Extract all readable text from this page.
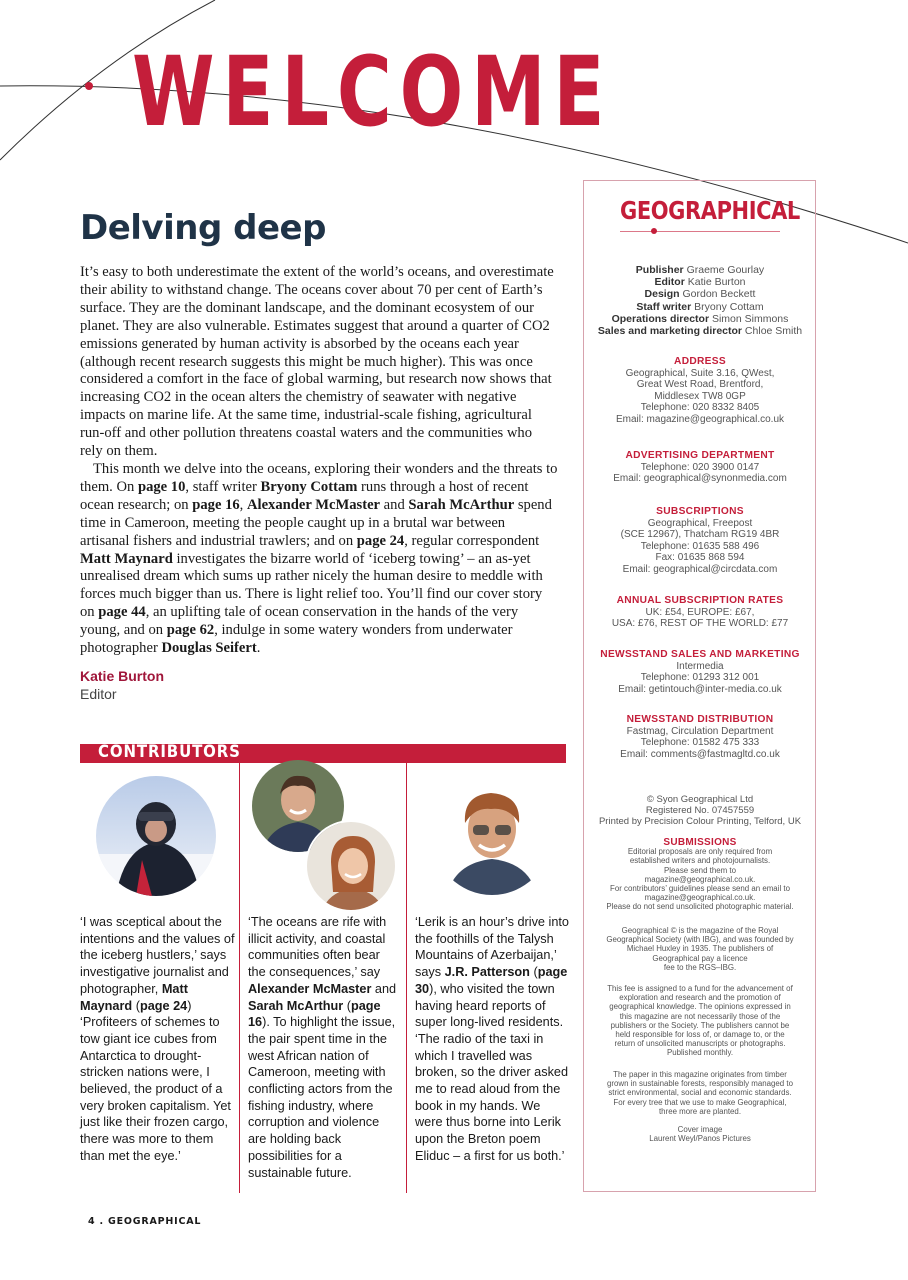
WELCOME
Delving deep

It’s easy to both underestimate the extent of the world’s oceans, and overestimate their ability to withstand change. The oceans cover about 70 per cent of Earth’s surface. They are the dominant landscape, and the dominant ecosystem of our planet. They are also vulnerable. Estimates suggest that around a quarter of CO2 emissions generated by human activity is absorbed by the oceans each year (although recent research suggests this might be much higher). This was once considered a comfort in the face of global warming, but research now shows that increasing CO2 in the ocean alters the chemistry of seawater with negative impacts on marine life. At the same time, industrial-scale fishing, agricultural run-off and other pollution threatens coastal waters and the communities who rely on them.

This month we delve into the oceans, exploring their wonders and the threats to them. On page 10, staff writer Bryony Cottam runs through a host of recent ocean research; on page 16, Alexander McMaster and Sarah McArthur spend time in Cameroon, meeting the people caught up in a brutal war between artisanal fishers and industrial trawlers; and on page 24, regular correspondent Matt Maynard investigates the bizarre world of ‘iceberg towing’ – an as-yet unrealised dream which sums up rather nicely the human desire to meddle with forces much bigger than us. There is light relief too. You’ll find our cover story on page 44, an uplifting tale of ocean conservation in the hands of the very young, and on page 62, indulge in some watery wonders from underwater photographer Douglas Seifert.

Katie Burton
Editor
CONTRIBUTORS

‘I was sceptical about the intentions and the values of the iceberg hustlers,’ says investigative journalist and photographer, Matt Maynard (page 24) ‘Profiteers of schemes to tow giant ice cubes from Antarctica to drought-stricken nations were, I believed, the product of a very broken capitalism. Yet just like their frozen cargo, there was more to them than met the eye.’

‘The oceans are rife with illicit activity, and coastal communities often bear the consequences,’ say Alexander McMaster and Sarah McArthur (page 16). To highlight the issue, the pair spent time in the west African nation of Cameroon, meeting with conflicting actors from the fishing industry, where corruption and violence are holding back possibilities for a sustainable future.

‘Lerik is an hour’s drive into the foothills of the Talysh Mountains of Azerbaijan,’ says J.R. Patterson (page 30), who visited the town having heard reports of super long-lived residents. ‘The radio of the taxi in which I travelled was broken, so the driver asked me to read aloud from the book in my hands. We were thus borne into Lerik upon the Breton poem Eliduc – a first for us both.’

4 . GEOGRAPHICAL
GEOGRAPHICAL
Publisher Graeme Gourlay
Editor Katie Burton
Design Gordon Beckett
Staff writer Bryony Cottam
Operations director Simon Simmons
Sales and marketing director Chloe Smith
ADDRESS
Geographical, Suite 3.16, QWest,
Great West Road, Brentford,
Middlesex TW8 0GP
Telephone: 020 8332 8405
Email: magazine@geographical.co.uk
ADVERTISING DEPARTMENT
Telephone: 020 3900 0147
Email: geographical@synonmedia.com
SUBSCRIPTIONS
Geographical, Freepost
(SCE 12967), Thatcham RG19 4BR
Telephone: 01635 588 496
Fax: 01635 868 594
Email: geographical@circdata.com
ANNUAL SUBSCRIPTION RATES
UK: £54, EUROPE: £67,
USA: £76, REST OF THE WORLD: £77
NEWSSTAND SALES AND MARKETING
Intermedia
Telephone: 01293 312 001
Email: getintouch@inter-media.co.uk
NEWSSTAND DISTRIBUTION
Fastmag, Circulation Department
Telephone: 01582 475 333
Email: comments@fastmagltd.co.uk
© Syon Geographical Ltd
Registered No. 07457559
Printed by Precision Colour Printing, Telford, UK
SUBMISSIONS
Editorial proposals are only required from
established writers and photojournalists.
Please send them to
magazine@geographical.co.uk.
For contributors’ guidelines please send an email to
magazine@geographical.co.uk.
Please do not send unsolicited photographic material.
Geographical © is the magazine of the Royal
Geographical Society (with IBG), and was founded by
Michael Huxley in 1935. The publishers of
Geographical pay a licence
fee to the RGS–IBG.
This fee is assigned to a fund for the advancement of
exploration and research and the promotion of
geographical knowledge. The opinions expressed in
this magazine are not necessarily those of the
publishers or the Society. The publishers cannot be
held responsible for loss of, or damage to, or the
return of unsolicited manuscripts or photographs.
Published monthly.
The paper in this magazine originates from timber
grown in sustainable forests, responsibly managed to
strict environmental, social and economic standards.
For every tree that we use to make Geographical,
three more are planted.
Cover image
Laurent Weyl/Panos Pictures
